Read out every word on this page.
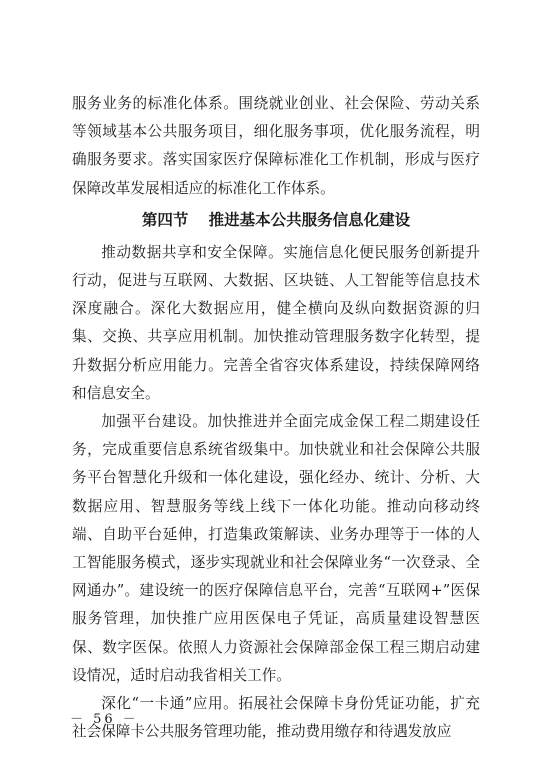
服务业务的标准化体系。围绕就业创业、社会保险、劳动关系等领域基本公共服务项目，细化服务事项，优化服务流程，明确服务要求。落实国家医疗保障标准化工作机制，形成与医疗保障改革发展相适应的标准化工作体系。

第四节 推进基本公共服务信息化建设

推动数据共享和安全保障。实施信息化便民服务创新提升行动，促进与互联网、大数据、区块链、人工智能等信息技术深度融合。深化大数据应用，健全横向及纵向数据资源的归集、交换、共享应用机制。加快推动管理服务数字化转型，提升数据分析应用能力。完善全省容灾体系建设，持续保障网络和信息安全。

加强平台建设。加快推进并全面完成金保工程二期建设任务，完成重要信息系统省级集中。加快就业和社会保障公共服务平台智慧化升级和一体化建设，强化经办、统计、分析、大数据应用、智慧服务等线上线下一体化功能。推动向移动终端、自助平台延伸，打造集政策解读、业务办理等于一体的人工智能服务模式，逐步实现就业和社会保障业务“一次登录、全网通办”。建设统一的医疗保障信息平台，完善“互联网+”医保服务管理，加快推广应用医保电子凭证，高质量建设智慧医保、数字医保。依照人力资源社会保障部金保工程三期启动建设情况，适时启动我省相关工作。

深化“一卡通”应用。拓展社会保障卡身份凭证功能，扩充社会保障卡公共服务管理功能，推动费用缴存和待遇发放应

－ 56 －
